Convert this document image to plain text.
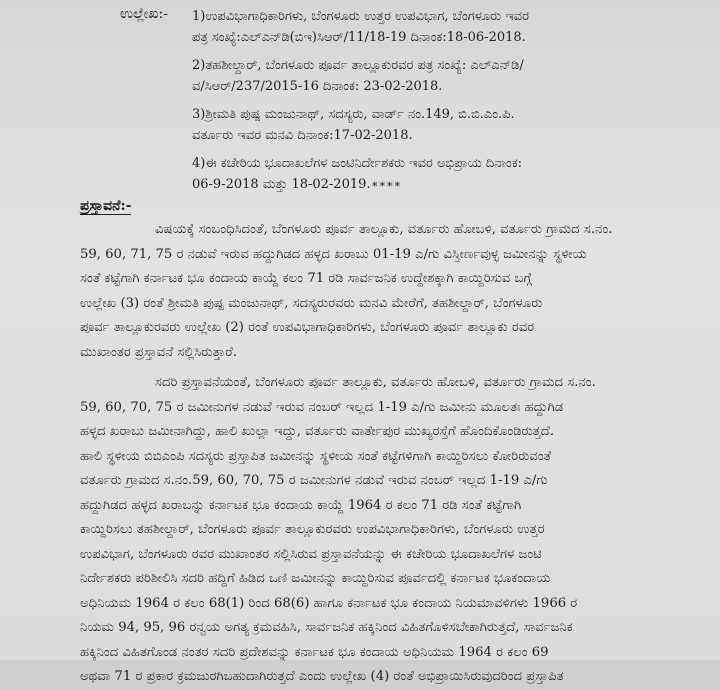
ಉಲ್ಲೇಖ:- 1)ಉಪವಿಭಾಗಾಧಿಕಾರಿಗಳು, ಬೆಂಗಳೂರು ಉತ್ತರ ಉಪವಿಭಾಗ, ಬೆಂಗಳೂರು ಇವರ
ಪತ್ರ ಸಂಖ್ಯೆ:ಎಲ್‌ಎನ್‌ಡಿ(ಬಿಇ)ಸಿಆರ್/11/18-19 ದಿನಾಂಕ:18-06-2018.
2)ತಹಶೀಲ್ದಾರ್, ಬೆಂಗಳೂರು ಪೂರ್ವ ತಾಲ್ಲೂಕುರವರ ಪತ್ರ ಸಂಖ್ಯೆ: ಎಲ್‌ಎನ್‌ಡಿ/
ವ/ಸಿಆರ್/237/2015-16 ದಿನಾಂಕ: 23-02-2018.
3)ಶ್ರೀಮತಿ ಪುಷ್ಪ ಮಂಜುನಾಥ್, ಸದಸ್ಯರು, ವಾರ್ಡ್ ನಂ.149, ಬಿ.ಬಿ.ಎಂ.ಪಿ.
ವರ್ತೂರು ಇವರ ಮನವಿ ದಿನಾಂಕ:17-02-2018.
4)ಈ ಕಚೇರಿಯ ಭೂದಾಖಲೆಗಳ ಜಂಟಿನಿರ್ದೇಶಕರು ಇವರ ಅಭಿಪ್ರಾಯ ದಿನಾಂಕ:
06-9-2018 ಮತ್ತು 18-02-2019. ****
ಪ್ರಸ್ತಾವನೆ:-
ವಿಷಯಕ್ಕೆ ಸಂಬಂಧಿಸಿದಂತೆ, ಬೆಂಗಳೂರು ಪೂರ್ವ ತಾಲ್ಲೂಕು, ವರ್ತೂರು ಹೋಬಳಿ, ವರ್ತೂರು ಗ್ರಾಮದ ಸ.ನಂ.
59, 60, 71, 75 ರ ನಡುವೆ ಇರುವ ಹದ್ದುಗಿಡದ ಹಳ್ಳದ ಖರಾಬು 01-19 ಎ/ಗು ವಿಸ್ತೀರ್ಣವುಳ್ಳ ಜಮೀನನ್ನು ಸ್ಥಳೀಯ
ಸಂತೆ ಕಟ್ಟೆಗಾಗಿ ಕರ್ನಾಟಕ ಭೂ ಕಂದಾಯ ಕಾಯ್ದೆ ಕಲಂ 71 ರಡಿ ಸಾರ್ವಜನಿಕ ಉದ್ದೇಶಕ್ಕಾಗಿ ಕಾಯ್ದಿರಿಸುವ ಬಗ್ಗೆ
ಉಲ್ಲೇಖ (3) ರಂತೆ ಶ್ರೀಮತಿ ಪುಷ್ಪ ಮಂಜುನಾಥ್, ಸದಸ್ಯರುರವರು ಮನವಿ ಮೇರೆಗೆ, ತಹಶೀಲ್ದಾರ್, ಬೆಂಗಳೂರು
ಪೂರ್ವ ತಾಲ್ಲೂಕುರವರು ಉಲ್ಲೇಖ (2) ರಂತೆ ಉಪವಿಭಾಗಾಧಿಕಾರಿಗಳು, ಬೆಂಗಳೂರು ಪೂರ್ವ ತಾಲ್ಲೂಕು ರವರ
ಮುಖಾಂತರ ಪ್ರಸ್ತಾವನೆ ಸಲ್ಲಿಸಿರುತ್ತಾರೆ.
ಸದರಿ ಪ್ರಸ್ತಾವನೆಯಂತೆ, ಬೆಂಗಳೂರು ಪೂರ್ವ ತಾಲ್ಲೂಕು, ವರ್ತೂರು ಹೋಬಳಿ, ವರ್ತೂರು ಗ್ರಾಮದ ಸ.ನಂ.
59, 60, 70, 75 ರ ಜಮೀನುಗಳ ನಡುವೆ ಇರುವ ನಂಬರ್ ಇಲ್ಲದ 1-19 ಎ/ಗು ಜಮೀನು ಮೂಲತಃ ಹದ್ದುಗಿಡ
ಹಳ್ಳದ ಖರಾಬು ಜಮೀನಾಗಿದ್ದು, ಹಾಲಿ ಖುಲ್ಲಾ ಇದ್ದು, ವರ್ತೂರು ವಾರ್ತೇಪುರ ಮುಖ್ಯರಸ್ತೆಗೆ ಹೊಂದಿಕೊಂಡಿರುತ್ತದೆ.
ಹಾಲಿ ಸ್ಥಳೀಯ ಬಿಬಿಎಂಪಿ ಸದಸ್ಯರು ಪ್ರಸ್ತಾಪಿತ ಜಮೀನನ್ನು ಸ್ಥಳೀಯ ಸಂತೆ ಕಟ್ಟೆಗಳಿಗಾಗಿ ಕಾಯ್ದಿರಿಸಲು ಕೋರಿರುವಂತೆ
ವರ್ತೂರು ಗ್ರಾಮದ ಸ.ನಂ.59, 60, 70, 75 ರ ಜಮೀನುಗಳ ನಡುವೆ ಇರುವ ನಂಬರ್ ಇಲ್ಲದ 1-19 ಎ/ಗು
ಹದ್ದುಗಿಡದ ಹಳ್ಳದ ಖರಾಬನ್ನು ಕರ್ನಾಟಕ ಭೂ ಕಂದಾಯ ಕಾಯ್ದೆ 1964 ರ ಕಲಂ 71 ರಡಿ ಸಂತೆ ಕಟ್ಟೆಗಾಗಿ
ಕಾಯ್ದಿರಿಸಲು ತಹಶೀಲ್ದಾರ್, ಬೆಂಗಳೂರು ಪೂರ್ವ ತಾಲ್ಲೂಕುರವರು ಉಪವಿಭಾಗಾಧಿಕಾರಿಗಳು, ಬೆಂಗಳೂರು ಉತ್ತರ
ಉಪವಿಭಾಗ, ಬೆಂಗಳೂರು ರವರ ಮುಖಾಂತರ ಸಲ್ಲಿಸಿರುವ ಪ್ರಸ್ತಾವನೆಯನ್ನು ಈ ಕಚೇರಿಯ ಭೂದಾಖಲೆಗಳ ಜಂಟಿ
ನಿರ್ದೇಶಕರು ಪರಿಶೀಲಿಸಿ ಸದರಿ ಹದ್ದಿಗೆ ಹಿಡಿದ ಒಣಿ ಜಮೀನನ್ನು ಕಾಯ್ದಿರಿಸುವ ಪೂರ್ವದಲ್ಲಿ ಕರ್ನಾಟಕ ಭೂಕಂದಾಯ
ಅಧಿನಿಯಮ 1964 ರ ಕಲಂ 68(1) ರಿಂದ 68(6) ಹಾಗೂ ಕರ್ನಾಟಕ ಭೂ ಕಂದಾಯ ನಿಯಮಾವಳಿಗಳು 1966 ರ
ನಿಯಮ 94, 95, 96 ರನ್ವಯ ಅಗತ್ಯ ಕ್ರಮವಹಿಸಿ, ಸಾರ್ವಜನಿಕ ಹಕ್ಕಿನಿಂದ ವಿಹಿತಗೊಳಿಸಬೇಕಾಗಿರುತ್ತದೆ, ಸಾರ್ವಜನಿಕ
ಹಕ್ಕಿನಿಂದ ವಿಹಿತಗೊಂಡ ನಂತರ ಸದರಿ ಪ್ರದೇಶವನ್ನು ಕರ್ನಾಟಕ ಭೂ ಕಂದಾಯ ಅಧಿನಿಯಮ 1964 ರ ಕಲಂ 69
ಅಥವಾ 71 ರ ಪ್ರಕಾರ ಕ್ರಮಜುರಗಿಬಹುದಾಗಿರುತ್ತದೆ ಎಂದು ಉಲ್ಲೇಖ (4) ರಂತೆ ಅಭಿಪ್ರಾಯಿಸಿರುವುದರಿಂದ ಪ್ರಸ್ತಾಪಿತ
